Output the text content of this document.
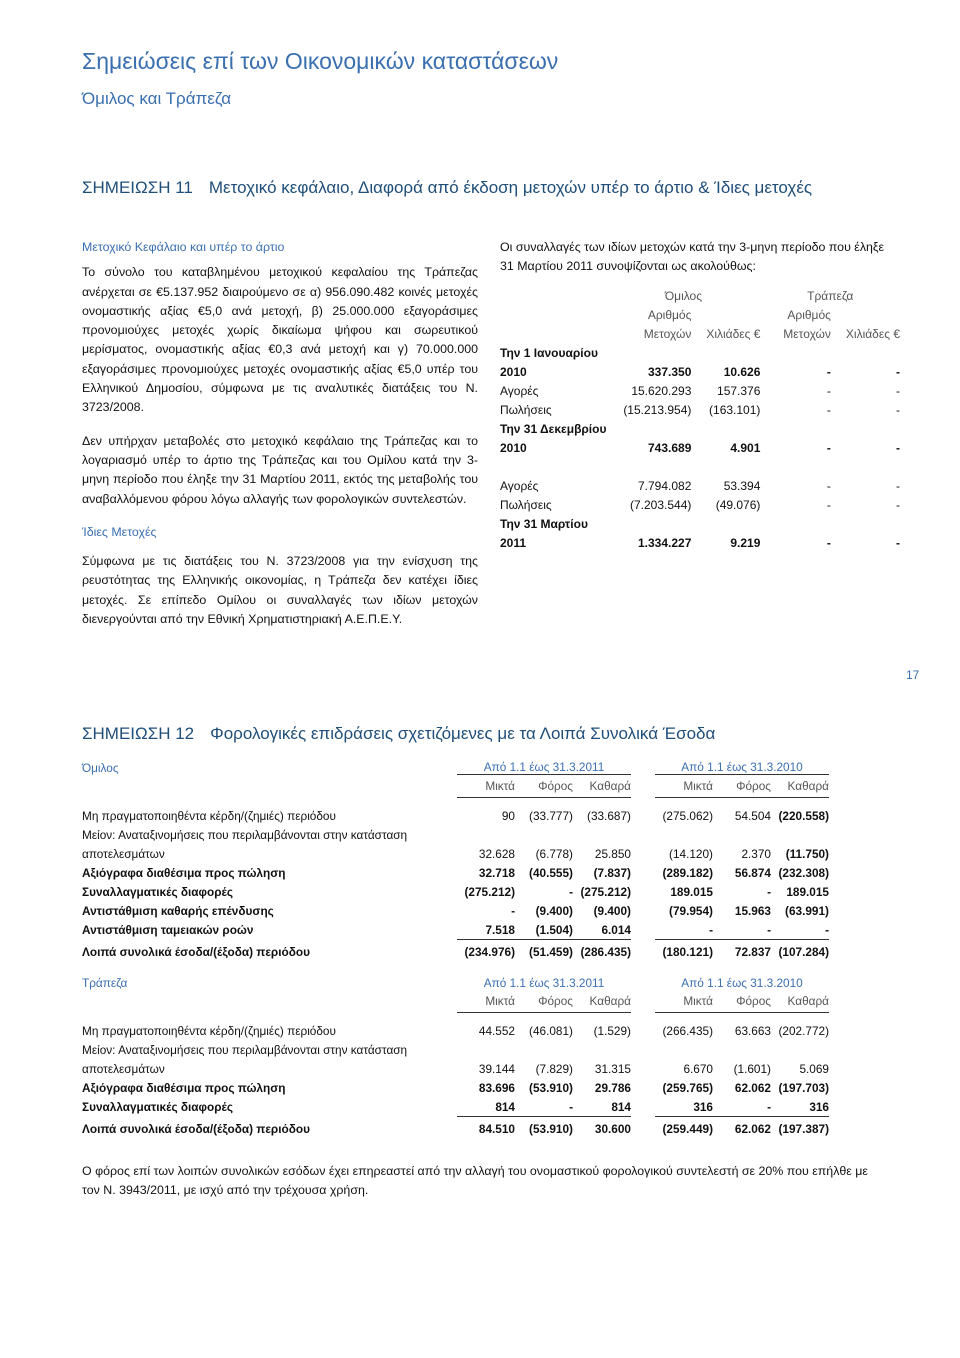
Σημειώσεις επί των Οικονομικών καταστάσεων
Όμιλος και Τράπεζα
ΣΗΜΕΙΩΣΗ 11 Μετοχικό κεφάλαιο, Διαφορά από έκδοση μετοχών υπέρ το άρτιο & Ίδιες μετοχές
Μετοχικό Κεφάλαιο και υπέρ το άρτιο

Το σύνολο του καταβλημένου μετοχικού κεφαλαίου της Τράπεζας ανέρχεται σε €5.137.952 διαιρούμενο σε α) 956.090.482 κοινές μετοχές ονομαστικής αξίας €5,0 ανά μετοχή, β) 25.000.000 εξαγοράσιμες προνομιούχες μετοχές χωρίς δικαίωμα ψήφου και σωρευτικού μερίσματος, ονομαστικής αξίας €0,3 ανά μετοχή και γ) 70.000.000 εξαγοράσιμες προνομιούχες μετοχές ονομαστικής αξίας €5,0 υπέρ του Ελληνικού Δημοσίου, σύμφωνα με τις αναλυτικές διατάξεις του Ν. 3723/2008.

Δεν υπήρχαν μεταβολές στο μετοχικό κεφάλαιο της Τράπεζας και το λογαριασμό υπέρ το άρτιο της Τράπεζας και του Ομίλου κατά την 3-μηνη περίοδο που έληξε την 31 Μαρτίου 2011, εκτός της μεταβολής του αναβαλλόμενου φόρου λόγω αλλαγής των φορολογικών συντελεστών.

Ίδιες Μετοχές

Σύμφωνα με τις διατάξεις του Ν. 3723/2008 για την ενίσχυση της ρευστότητας της Ελληνικής οικονομίας, η Τράπεζα δεν κατέχει ίδιες μετοχές. Σε επίπεδο Ομίλου οι συναλλαγές των ιδίων μετοχών διενεργούνται από την Εθνική Χρηματιστηριακή Α.Ε.Π.Ε.Υ.

Οι συναλλαγές των ιδίων μετοχών κατά την 3-μηνη περίοδο που έληξε 31 Μαρτίου 2011 συνοψίζονται ως ακολούθως:

	Όμιλος		Τράπεζα	
	Αριθμός		Αριθμός	
	Μετοχών	Χιλιάδες €	Μετοχών	Χιλιάδες €
Την 1 Ιανουαρίου				
2010	337.350	10.626	-	-
Αγορές	15.620.293	157.376	-	-
Πωλήσεις	(15.213.954)	(163.101)	-	-
Την 31 Δεκεμβρίου				
2010	743.689	4.901	-	-

Αγορές	7.794.082	53.394	-	-
Πωλήσεις	(7.203.544)	(49.076)	-	-
Την 31 Μαρτίου				
2011	1.334.227	9.219	-	-
17
ΣΗΜΕΙΩΣΗ 12 Φορολογικές επιδράσεις σχετιζόμενες με τα Λοιπά Συνολικά Έσοδα
Όμιλος	Από 1.1 έως 31.3.2011				Από 1.1 έως 31.3.2010		
	Μικτά	Φόρος	Καθαρά		Μικτά	Φόρος	Καθαρά

Μη πραγματοποιηθέντα κέρδη/(ζημιές) περιόδου	90	(33.777)	(33.687)		(275.062)	54.504	(220.558)
Μείον: Αναταξινομήσεις που περιλαμβάνονται στην κατάσταση							
αποτελεσμάτων	32.628	(6.778)	25.850		(14.120)	2.370	(11.750)
Αξιόγραφα διαθέσιμα προς πώληση	32.718	(40.555)	(7.837)		(289.182)	56.874	(232.308)
Συναλλαγματικές διαφορές	(275.212)	-	(275.212)		189.015	-	189.015
Αντιστάθμιση καθαρής επένδυσης	-	(9.400)	(9.400)		(79.954)	15.963	(63.991)
Αντιστάθμιση ταμειακών ροών	7.518	(1.504)	6.014		-	-	-

Λοιπά συνολικά έσοδα/(έξοδα) περιόδου	(234.976)	(51.459)	(286.435)		(180.121)	72.837	(107.284)
Τράπεζα	Από 1.1 έως 31.3.2011				Από 1.1 έως 31.3.2010		
	Μικτά	Φόρος	Καθαρά		Μικτά	Φόρος	Καθαρά

Μη πραγματοποιηθέντα κέρδη/(ζημιές) περιόδου	44.552	(46.081)	(1.529)		(266.435)	63.663	(202.772)
Μείον: Αναταξινομήσεις που περιλαμβάνονται στην κατάσταση							
αποτελεσμάτων	39.144	(7.829)	31.315		6.670	(1.601)	5.069
Αξιόγραφα διαθέσιμα προς πώληση	83.696	(53.910)	29.786		(259.765)	62.062	(197.703)
Συναλλαγματικές διαφορές	814	-	814		316	-	316

Λοιπά συνολικά έσοδα/(έξοδα) περιόδου	84.510	(53.910)	30.600		(259.449)	62.062	(197.387)
Ο φόρος επί των λοιπών συνολικών εσόδων έχει επηρεαστεί από την αλλαγή του ονομαστικού φορολογικού συντελεστή σε 20% που επήλθε με τον Ν. 3943/2011, με ισχύ από την τρέχουσα χρήση.
